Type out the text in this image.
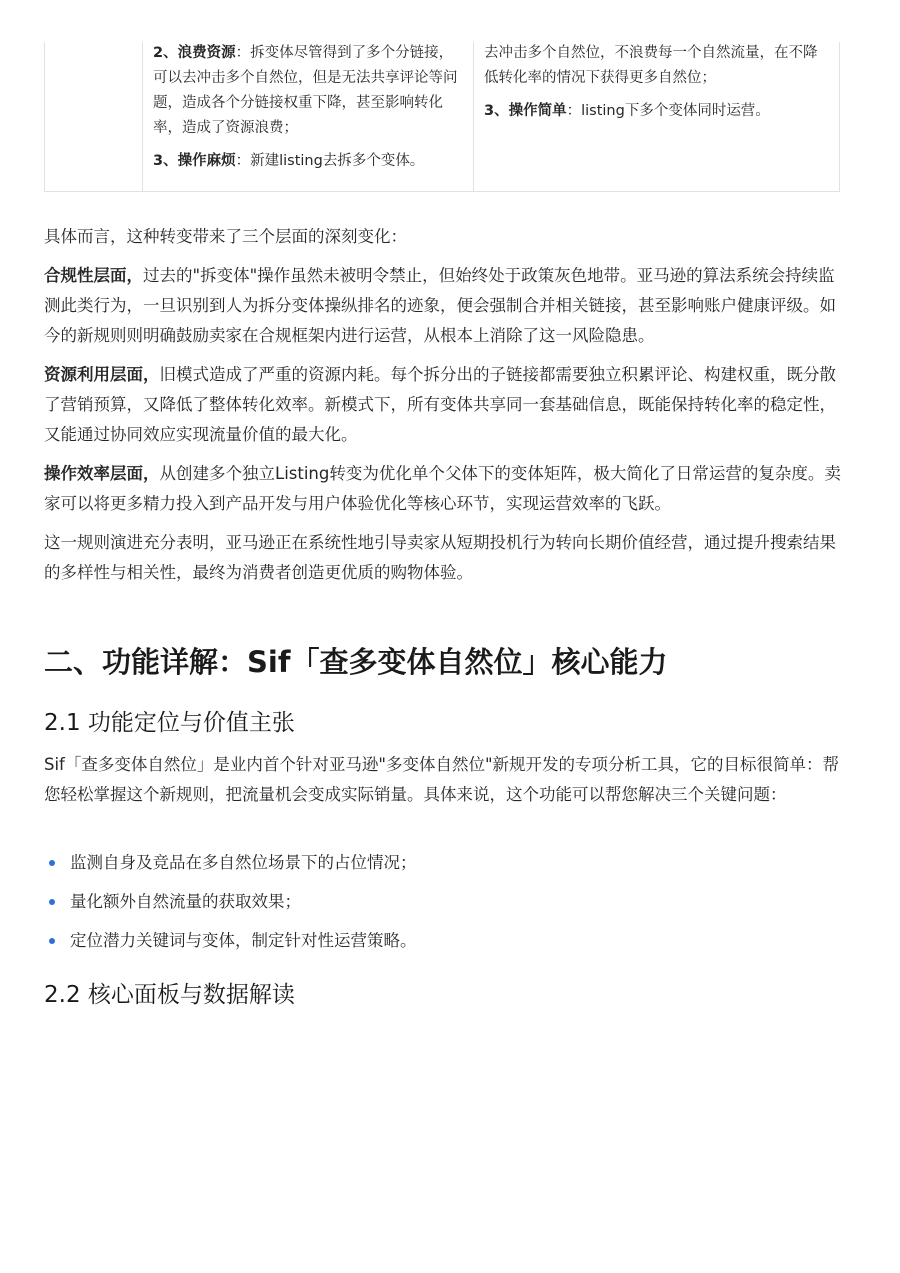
2、浪费资源：拆变体尽管得到了多个分链接，可以去冲击多个自然位，但是无法共享评论等问题，造成各个分链接权重下降，甚至影响转化率，造成了资源浪费；

3、操作麻烦：新建listing去拆多个变体。

去冲击多个自然位，不浪费每一个自然流量，在不降低转化率的情况下获得更多自然位；

3、操作简单：listing下多个变体同时运营。

具体而言，这种转变带来了三个层面的深刻变化：

合规性层面，过去的"拆变体"操作虽然未被明令禁止，但始终处于政策灰色地带。亚马逊的算法系统会持续监测此类行为，一旦识别到人为拆分变体操纵排名的迹象，便会强制合并相关链接，甚至影响账户健康评级。如今的新规则则明确鼓励卖家在合规框架内进行运营，从根本上消除了这一风险隐患。

资源利用层面，旧模式造成了严重的资源内耗。每个拆分出的子链接都需要独立积累评论、构建权重，既分散了营销预算，又降低了整体转化效率。新模式下，所有变体共享同一套基础信息，既能保持转化率的稳定性，又能通过协同效应实现流量价值的最大化。

操作效率层面，从创建多个独立Listing转变为优化单个父体下的变体矩阵，极大简化了日常运营的复杂度。卖家可以将更多精力投入到产品开发与用户体验优化等核心环节，实现运营效率的飞跃。

这一规则演进充分表明，亚马逊正在系统性地引导卖家从短期投机行为转向长期价值经营，通过提升搜索结果的多样性与相关性，最终为消费者创造更优质的购物体验。

二、功能详解：Sif「查多变体自然位」核心能力
2.1 功能定位与价值主张

Sif「查多变体自然位」是业内首个针对亚马逊"多变体自然位"新规开发的专项分析工具，它的目标很简单：帮您轻松掌握这个新规则，把流量机会变成实际销量。具体来说，这个功能可以帮您解决三个关键问题：

监测自身及竞品在多自然位场景下的占位情况；
量化额外自然流量的获取效果；
定位潜力关键词与变体，制定针对性运营策略。
2.2 核心面板与数据解读
